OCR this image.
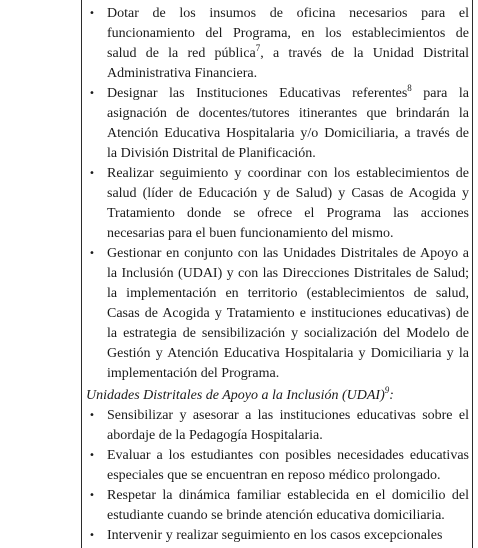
• Dotar de los insumos de oficina necesarios para el
funcionamiento del Programa, en los establecimientos de
salud de la red pública$^7$, a través de la Unidad Distrital
Administrativa Financiera.
• Designar las Instituciones Educativas referentes$^8$ para la
asignación de docentes/tutores itinerantes que brindarán la
Atención Educativa Hospitalaria y/o Domiciliaria, a través de
la División Distrital de Planificación.
• Realizar seguimiento y coordinar con los establecimientos de
salud (líder de Educación y de Salud) y Casas de Acogida y
Tratamiento donde se ofrece el Programa las acciones
necesarias para el buen funcionamiento del mismo.
• Gestionar en conjunto con las Unidades Distritales de Apoyo a
la Inclusión (UDAI) y con las Direcciones Distritales de Salud;
la implementación en territorio (establecimientos de salud,
Casas de Acogida y Tratamiento e instituciones educativas) de
la estrategia de sensibilización y socialización del Modelo de
Gestión y Atención Educativa Hospitalaria y Domiciliaria y la
implementación del Programa.
Unidades Distritales de Apoyo a la Inclusión (UDAI)$^9$:
• Sensibilizar y asesorar a las instituciones educativas sobre el
abordaje de la Pedagogía Hospitalaria.
• Evaluar a los estudiantes con posibles necesidades educativas
especiales que se encuentran en reposo médico prolongado.
• Respetar la dinámica familiar establecida en el domicilio del
estudiante cuando se brinde atención educativa domiciliaria.
• Intervenir y realizar seguimiento en los casos excepcionales
